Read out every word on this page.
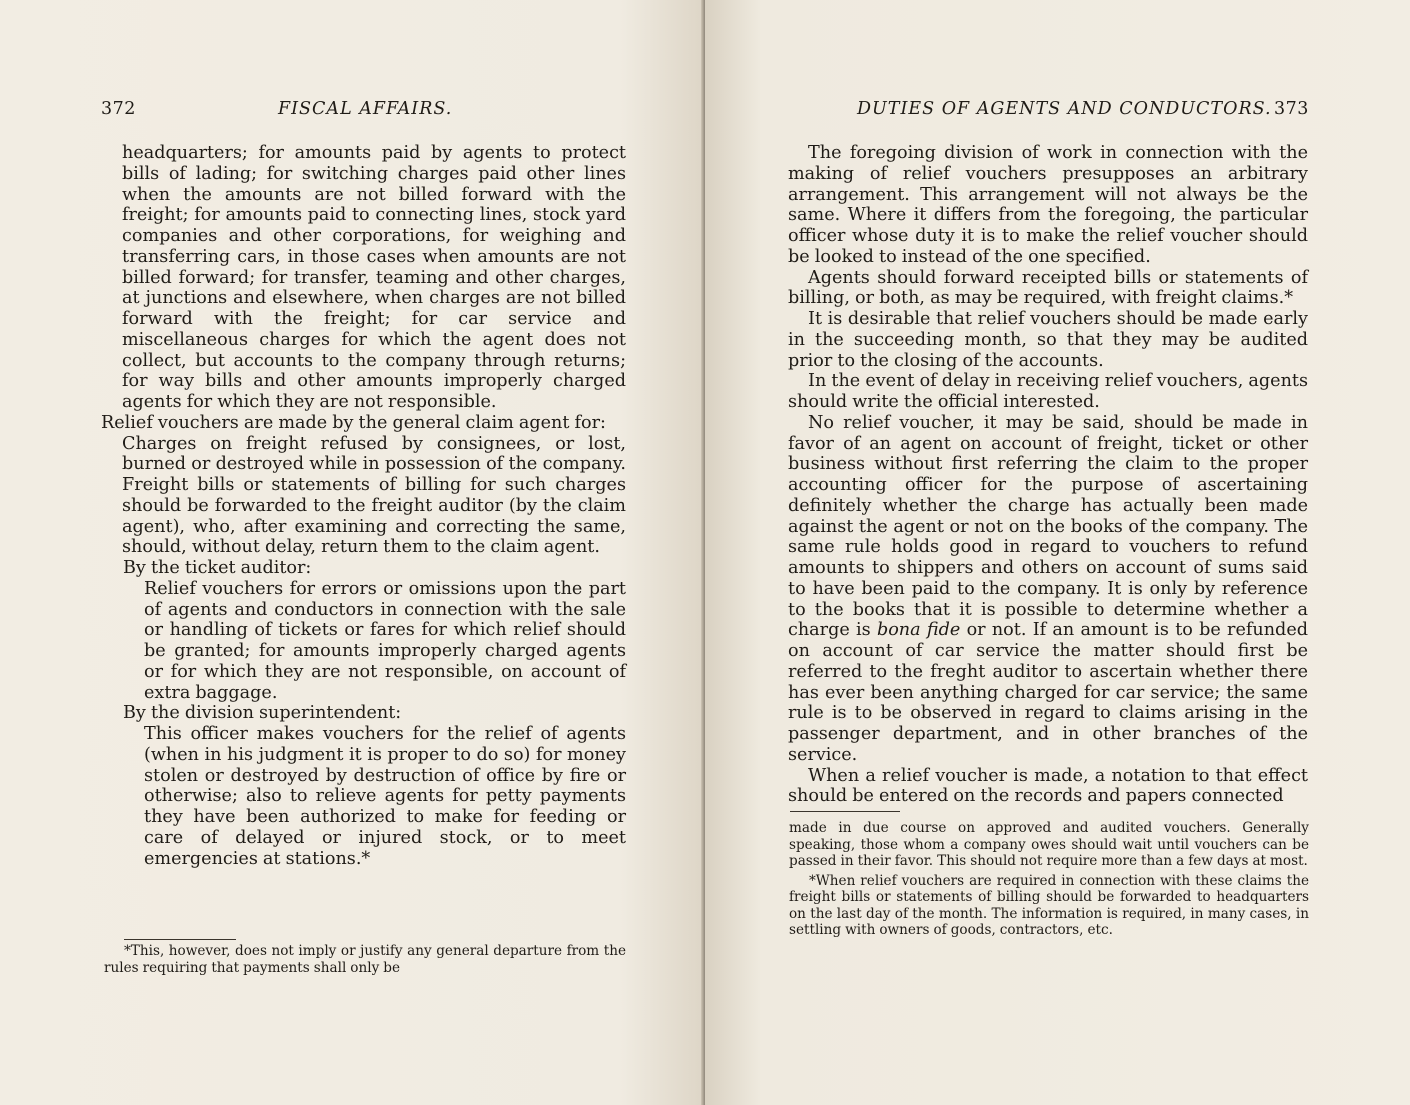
372	FISCAL AFFAIRS.

headquarters; for amounts paid by agents to protect bills of lading; for switching charges paid other lines when the amounts are not billed forward with the freight; for amounts paid to connecting lines, stock yard companies and other corporations, for weighing and transferring cars, in those cases when amounts are not billed forward; for transfer, teaming and other charges, at junctions and elsewhere, when charges are not billed forward with the freight; for car service and miscellaneous charges for which the agent does not collect, but accounts to the company through returns; for way bills and other amounts improperly charged agents for which they are not responsible.

Relief vouchers are made by the general claim agent for:

Charges on freight refused by consignees, or lost, burned or destroyed while in possession of the company. Freight bills or statements of billing for such charges should be forwarded to the freight auditor (by the claim agent), who, after examining and correcting the same, should, without delay, return them to the claim agent.

By the ticket auditor:

Relief vouchers for errors or omissions upon the part of agents and conductors in connection with the sale or handling of tickets or fares for which relief should be granted; for amounts improperly charged agents or for which they are not responsible, on account of extra baggage.

By the division superintendent:

This officer makes vouchers for the relief of agents (when in his judgment it is proper to do so) for money stolen or destroyed by destruction of office by fire or otherwise; also to relieve agents for petty payments they have been authorized to make for feeding or care of delayed or injured stock, or to meet emergencies at stations.*

*This, however, does not imply or justify any general departure from the rules requiring that payments shall only be

DUTIES OF AGENTS AND CONDUCTORS. 373

The foregoing division of work in connection with the making of relief vouchers presupposes an arbitrary arrangement. This arrangement will not always be the same. Where it differs from the foregoing, the particular officer whose duty it is to make the relief voucher should be looked to instead of the one specified.

Agents should forward receipted bills or statements of billing, or both, as may be required, with freight claims.*

It is desirable that relief vouchers should be made early in the succeeding month, so that they may be audited prior to the closing of the accounts.

In the event of delay in receiving relief vouchers, agents should write the official interested.

No relief voucher, it may be said, should be made in favor of an agent on account of freight, ticket or other business without first referring the claim to the proper accounting officer for the purpose of ascertaining definitely whether the charge has actually been made against the agent or not on the books of the company. The same rule holds good in regard to vouchers to refund amounts to shippers and others on account of sums said to have been paid to the company. It is only by reference to the books that it is possible to determine whether a charge is bona fide or not. If an amount is to be refunded on account of car service the matter should first be referred to the freght auditor to ascertain whether there has ever been anything charged for car service; the same rule is to be observed in regard to claims arising in the passenger department, and in other branches of the service.

When a relief voucher is made, a notation to that effect should be entered on the records and papers connected

made in due course on approved and audited vouchers. Generally speaking, those whom a company owes should wait until vouchers can be passed in their favor. This should not require more than a few days at most.

*When relief vouchers are required in connection with these claims the freight bills or statements of billing should be forwarded to headquarters on the last day of the month. The information is required, in many cases, in settling with owners of goods, contractors, etc.
